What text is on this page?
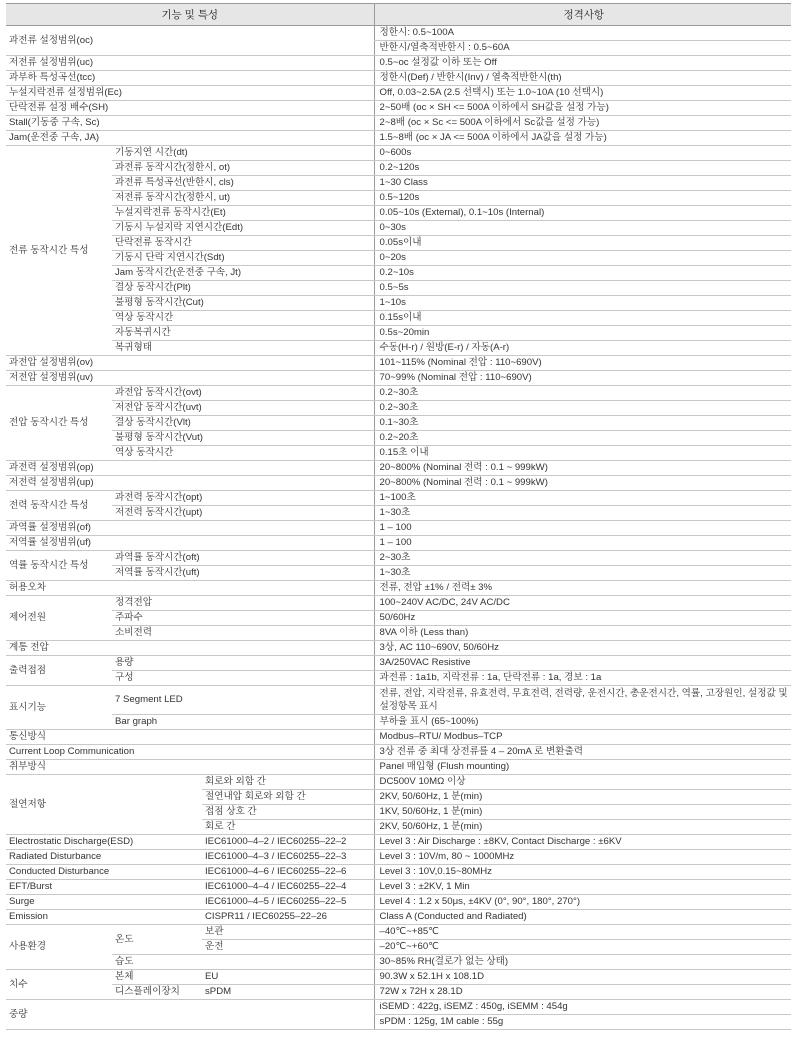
기능 및 특성			정격사항
과전류 설정범위(oc)			정한시: 0.5~100A
			반한시/열축적반한시 : 0.5~60A
저전류 설정범위(uc)			0.5~oc 설정값 이하 또는 Off
과부하 특성곡선(tcc)			정한시(Def) / 반한시(Inv) / 열축적반한시(th)
누설지락전류 설정범위(Ec)			Off, 0.03~2.5A (2.5 선택시) 또는 1.0~10A (10 선택시)
단락전류 설정 배수(SH)			2~50배 (oc × SH <= 500A 이하에서 SH값을 설정 가능)
Stall(기동중 구속, Sc)			2~8배 (oc × Sc <= 500A 이하에서 Sc값을 설정 가능)
Jam(운전중 구속, JA)			1.5~8배 (oc × JA <= 500A 이하에서 JA값을 설정 가능)
전류 동작시간 특성	기동지연 시간(dt)		0~600s
	과전류 동작시간(정한시, ot)		0.2~120s
	과전류 특성곡선(반한시, cls)		1~30 Class
	저전류 동작시간(정한시, ut)		0.5~120s
	누설지락전류 동작시간(Et)		0.05~10s (External), 0.1~10s (Internal)
	기동시 누설지락 지연시간(Edt)		0~30s
	단락전류 동작시간		0.05s이내
	기동시 단락 지연시간(Sdt)		0~20s
	Jam 동작시간(운전중 구속, Jt)		0.2~10s
	결상 동작시간(Plt)		0.5~5s
	불평형 동작시간(Cut)		1~10s
	역상 동작시간		0.15s이내
	자동복귀시간		0.5s~20min
	복귀형태		수동(H-r) / 원방(E-r) / 자동(A-r)
과전압 설정범위(ov)			101~115% (Nominal 전압 : 110~690V)
저전압 설정범위(uv)			70~99% (Nominal 전압 : 110~690V)
전압 동작시간 특성	과전압 동작시간(ovt)		0.2~30초
	저전압 동작시간(uvt)		0.2~30초
	결상 동작시간(Vlt)		0.1~30초
	불평형 동작시간(Vut)		0.2~20초
	역상 동작시간		0.15초 이내
과전력 설정범위(op)			20~800% (Nominal 전력 : 0.1 ~ 999kW)
저전력 설정범위(up)			20~800% (Nominal 전력 : 0.1 ~ 999kW)
전력 동작시간 특성	과전력 동작시간(opt)		1~100초
	저전력 동작시간(upt)		1~30초
과역률 설정범위(of)			1 – 100
저역률 설정범위(uf)			1 – 100
역률 동작시간 특성	과역률 동작시간(oft)		2~30초
	저역률 동작시간(uft)		1~30초
허용오차			전류, 전압 ±1% / 전력± 3%
제어전원	정격전압		100~240V AC/DC, 24V AC/DC
	주파수		50/60Hz
	소비전력		8VA 이하 (Less than)
계통 전압			3상, AC 110~690V, 50/60Hz
출력접점	용량		3A/250VAC Resistive
	구성		과전류 : 1a1b, 지락전류 : 1a, 단락전류 : 1a, 경보 : 1a
표시기능	7 Segment LED		전류, 전압, 지락전류, 유효전력, 무효전력, 전력량, 운전시간, 총운전시간, 역률, 고장원인, 설정값 및 설정항목 표시
	Bar graph		부하율 표시 (65~100%)
통신방식			Modbus–RTU/ Modbus–TCP
Current Loop Communication			3상 전류 중 최대 상전류를 4 – 20mA 로 변환출력
취부방식			Panel 매입형 (Flush mounting)
절연저항		회로와 외함 간	DC500V 10MΩ 이상
		절연내압 회로와 외함 간	2KV, 50/60Hz, 1 분(min)
		접점 상호 간	1KV, 50/60Hz, 1 분(min)
		회로 간	2KV, 50/60Hz, 1 분(min)
Electrostatic Discharge(ESD)		IEC61000–4–2 / IEC60255–22–2	Level 3 : Air Discharge : ±8KV, Contact Discharge : ±6KV
Radiated Disturbance		IEC61000–4–3 / IEC60255–22–3	Level 3 : 10V/m, 80 ~ 1000MHz
Conducted Disturbance		IEC61000–4–6 / IEC60255–22–6	Level 3 : 10V,0.15~80MHz
EFT/Burst		IEC61000–4–4 / IEC60255–22–4	Level 3 : ±2KV, 1 Min
Surge		IEC61000–4–5 / IEC60255–22–5	Level 4 : 1.2 x 50μs, ±4KV (0°, 90°, 180°, 270°)
Emission		CISPR11 / IEC60255–22–26	Class A (Conducted and Radiated)
사용환경	온도	보관	–40℃~+85℃
		운전	–20℃~+60℃
	습도		30~85% RH(결로가 없는 상태)
치수	본체	EU	90.3W x 52.1H x 108.1D
	디스플레이장치	sPDM	72W x 72H x 28.1D
중량			iSEMD : 422g, iSEMZ : 450g, iSEMM : 454g
			sPDM : 125g, 1M cable : 55g
